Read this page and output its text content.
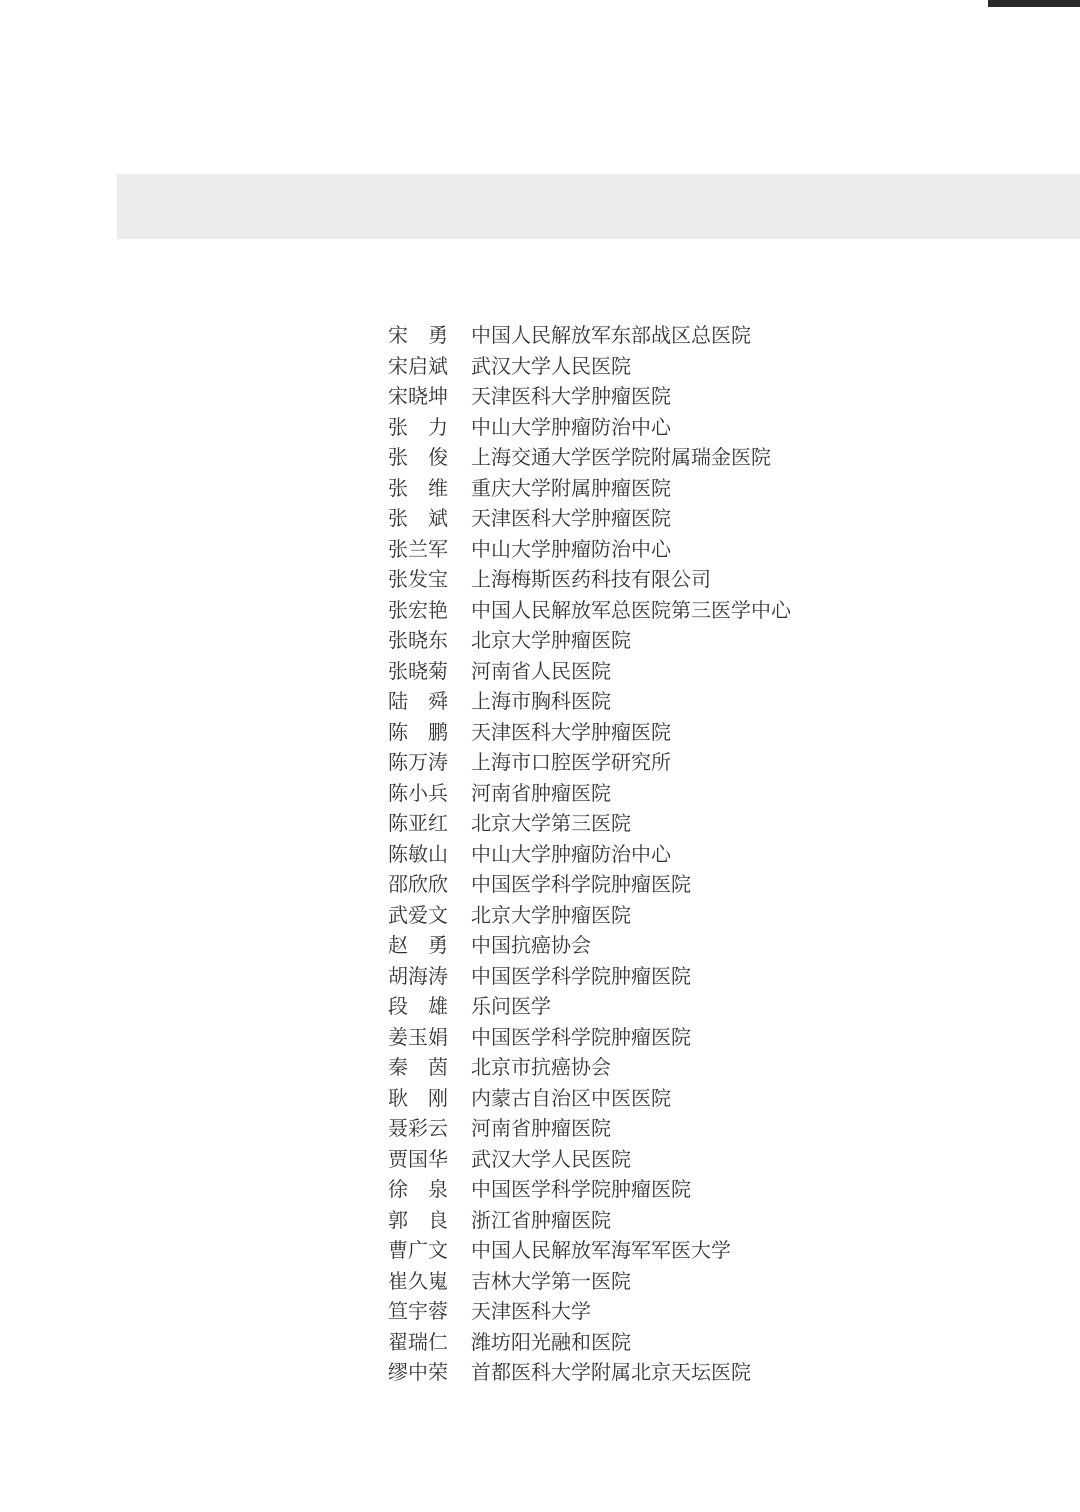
宋勇 中国人民解放军东部战区总医院
宋启斌	武汉大学人民医院
宋晓坤	天津医科大学肿瘤医院
张力 中山大学肿瘤防治中心
张俊 上海交通大学医学院附属瑞金医院
张维 重庆大学附属肿瘤医院
张斌 天津医科大学肿瘤医院
张兰军	中山大学肿瘤防治中心
张发宝	上海梅斯医药科技有限公司
张宏艳	中国人民解放军总医院第三医学中心
张晓东	北京大学肿瘤医院
张晓菊	河南省人民医院
陆舜 上海市胸科医院
陈鹏 天津医科大学肿瘤医院
陈万涛	上海市口腔医学研究所
陈小兵	河南省肿瘤医院
陈亚红	北京大学第三医院
陈敏山	中山大学肿瘤防治中心
邵欣欣	中国医学科学院肿瘤医院
武爱文	北京大学肿瘤医院
赵勇 中国抗癌协会
胡海涛	中国医学科学院肿瘤医院
段雄 乐问医学
姜玉娟	中国医学科学院肿瘤医院
秦茵 北京市抗癌协会
耿刚 内蒙古自治区中医医院
聂彩云	河南省肿瘤医院
贾国华	武汉大学人民医院
徐泉 中国医学科学院肿瘤医院
郭良 浙江省肿瘤医院
曹广文	中国人民解放军海军军医大学
崔久嵬	吉林大学第一医院
笪宇蓉	天津医科大学
翟瑞仁	潍坊阳光融和医院
缪中荣	首都医科大学附属北京天坛医院
